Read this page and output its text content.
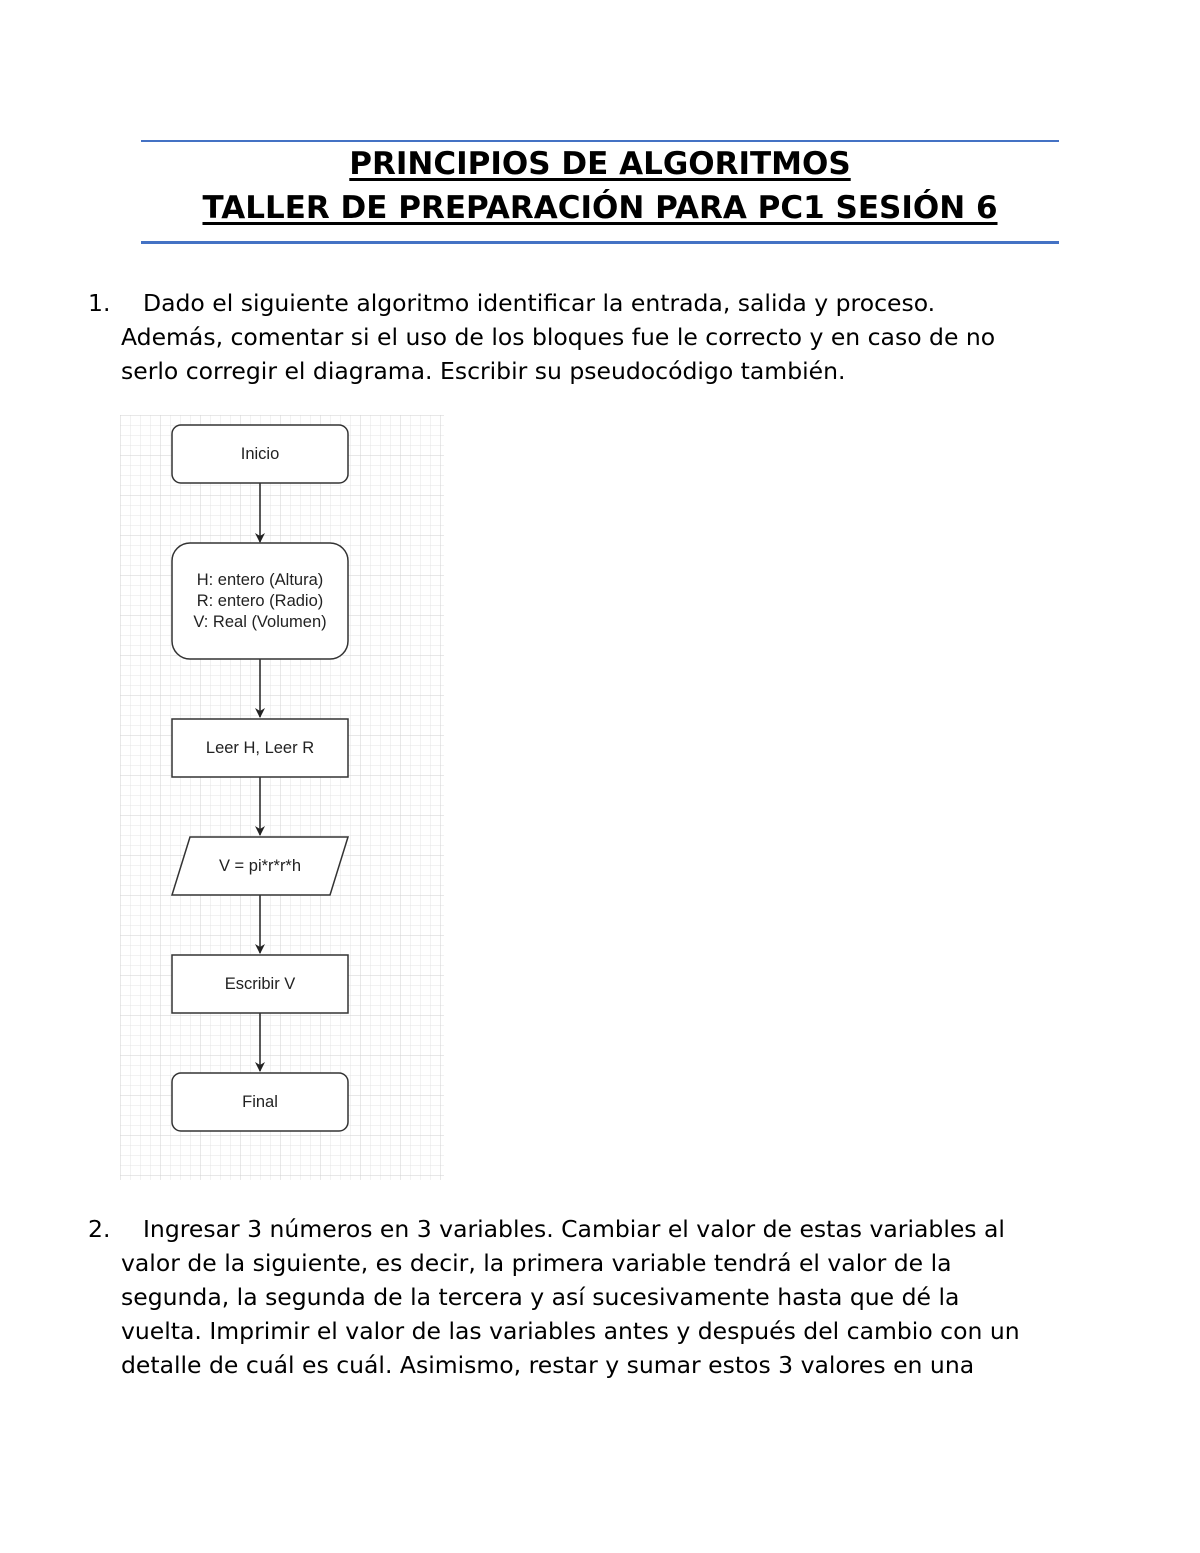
PRINCIPIOS DE ALGORITMOS
TALLER DE PREPARACIÓN PARA PC1 SESIÓN 6
1.	Dado el siguiente algoritmo identificar la entrada, salida y proceso.
Además, comentar si el uso de los bloques fue le correcto y en caso de no
serlo corregir el diagrama. Escribir su pseudocódigo también.
Inicio
H: entero (Altura)
R: entero (Radio)
V: Real (Volumen)
Leer H, Leer R
V = pi*r*r*h
Escribir V
Final
2.	Ingresar 3 números en 3 variables. Cambiar el valor de estas variables al
valor de la siguiente, es decir, la primera variable tendrá el valor de la
segunda, la segunda de la tercera y así sucesivamente hasta que dé la
vuelta. Imprimir el valor de las variables antes y después del cambio con un
detalle de cuál es cuál. Asimismo, restar y sumar estos 3 valores en una
